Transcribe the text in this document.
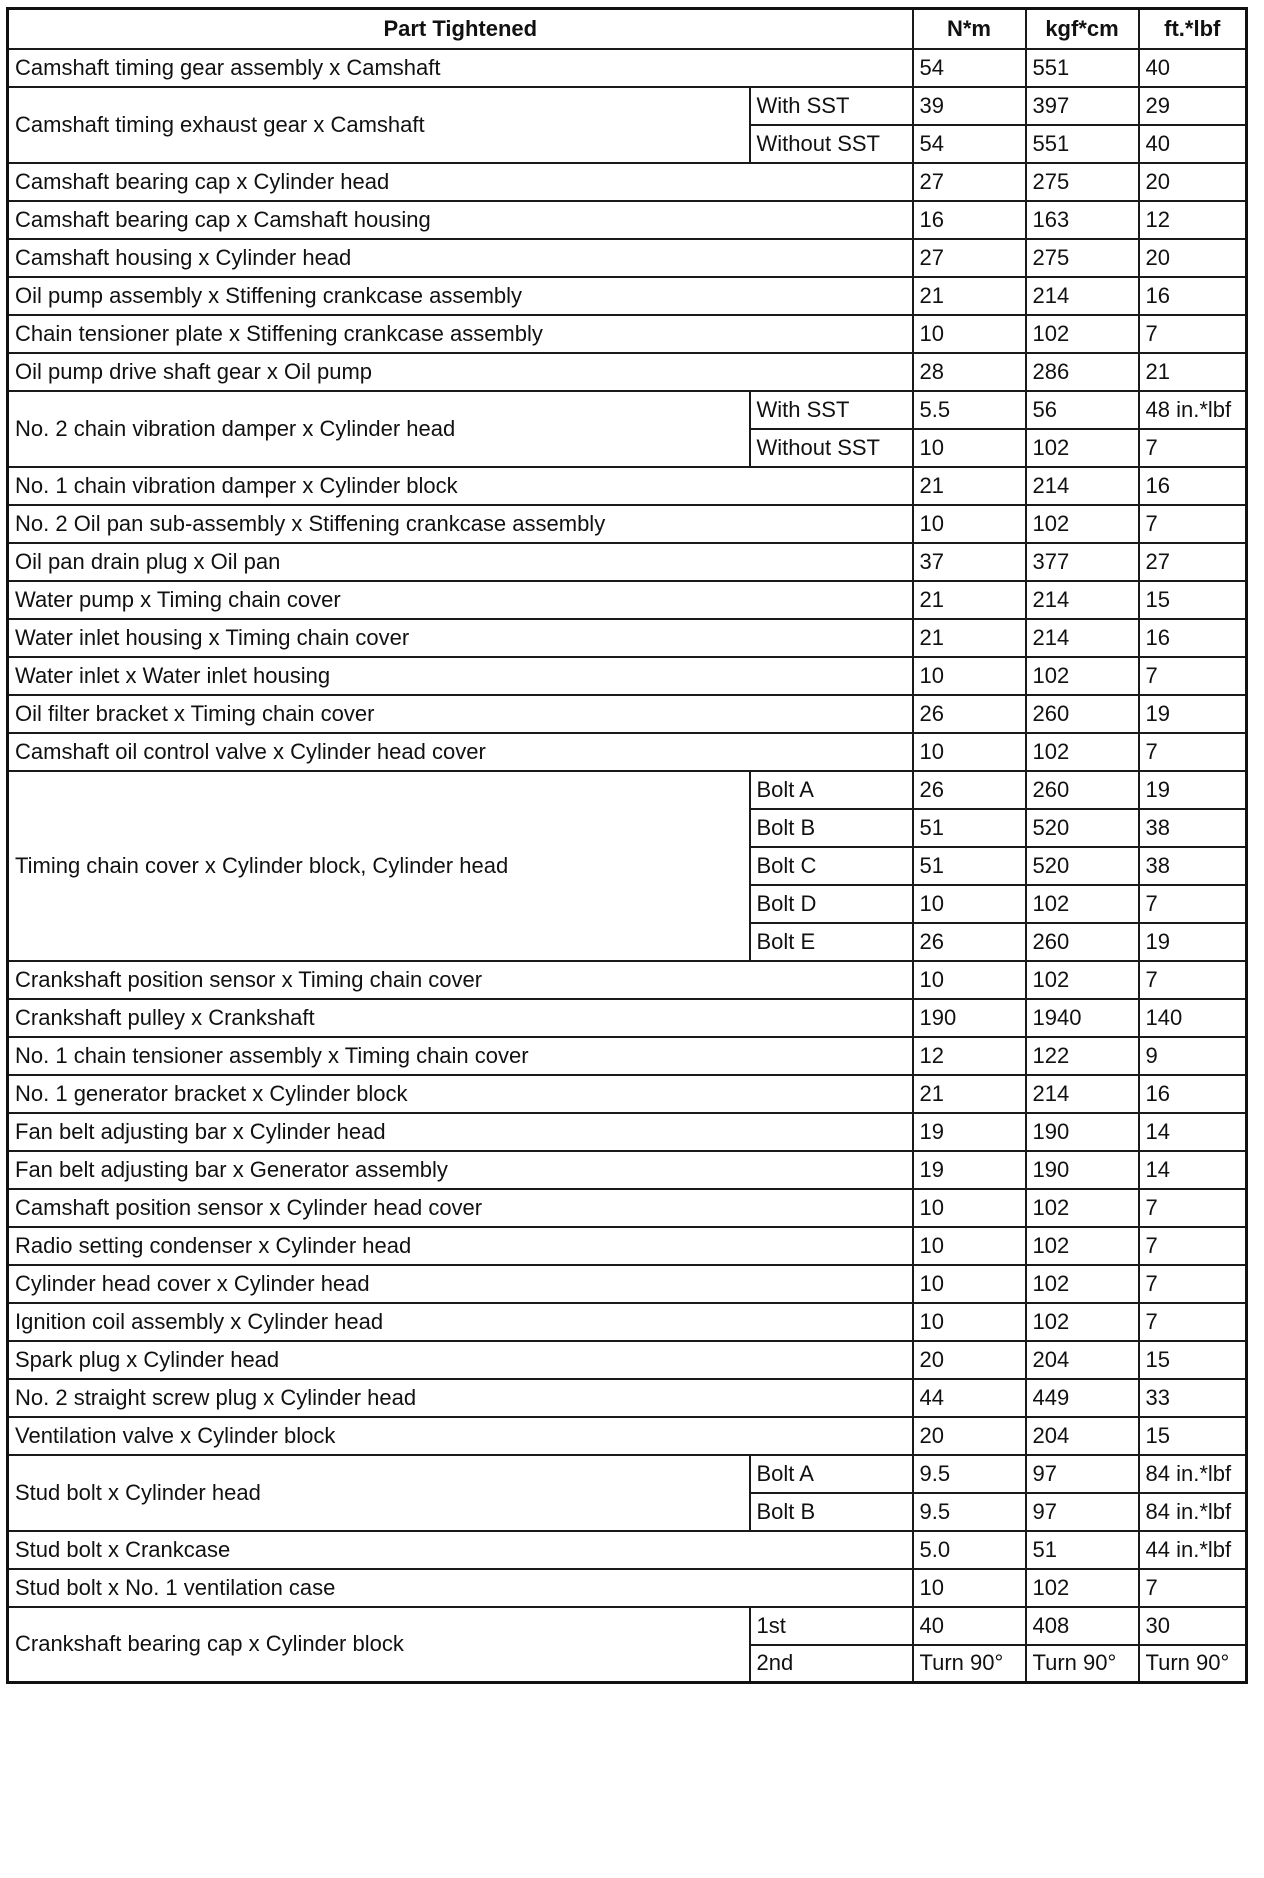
Part Tightened		N*m	kgf*cm	ft.*lbf
Camshaft timing gear assembly x Camshaft		54	551	40
Camshaft timing exhaust gear x Camshaft	With SST	39	397	29
	Without SST	54	551	40
Camshaft bearing cap x Cylinder head		27	275	20
Camshaft bearing cap x Camshaft housing		16	163	12
Camshaft housing x Cylinder head		27	275	20
Oil pump assembly x Stiffening crankcase assembly		21	214	16
Chain tensioner plate x Stiffening crankcase assembly		10	102	7
Oil pump drive shaft gear x Oil pump		28	286	21
No. 2 chain vibration damper x Cylinder head	With SST	5.5	56	48 in.*lbf
	Without SST	10	102	7
No. 1 chain vibration damper x Cylinder block		21	214	16
No. 2 Oil pan sub-assembly x Stiffening crankcase assembly		10	102	7
Oil pan drain plug x Oil pan		37	377	27
Water pump x Timing chain cover		21	214	15
Water inlet housing x Timing chain cover		21	214	16
Water inlet x Water inlet housing		10	102	7
Oil filter bracket x Timing chain cover		26	260	19
Camshaft oil control valve x Cylinder head cover		10	102	7
Timing chain cover x Cylinder block, Cylinder head	Bolt A	26	260	19
	Bolt B	51	520	38
	Bolt C	51	520	38
	Bolt D	10	102	7
	Bolt E	26	260	19
Crankshaft position sensor x Timing chain cover		10	102	7
Crankshaft pulley x Crankshaft		190	1940	140
No. 1 chain tensioner assembly x Timing chain cover		12	122	9
No. 1 generator bracket x Cylinder block		21	214	16
Fan belt adjusting bar x Cylinder head		19	190	14
Fan belt adjusting bar x Generator assembly		19	190	14
Camshaft position sensor x Cylinder head cover		10	102	7
Radio setting condenser x Cylinder head		10	102	7
Cylinder head cover x Cylinder head		10	102	7
Ignition coil assembly x Cylinder head		10	102	7
Spark plug x Cylinder head		20	204	15
No. 2 straight screw plug x Cylinder head		44	449	33
Ventilation valve x Cylinder block		20	204	15
Stud bolt x Cylinder head	Bolt A	9.5	97	84 in.*lbf
	Bolt B	9.5	97	84 in.*lbf
Stud bolt x Crankcase		5.0	51	44 in.*lbf
Stud bolt x No. 1 ventilation case		10	102	7
Crankshaft bearing cap x Cylinder block	1st	40	408	30
	2nd	Turn 90°	Turn 90°	Turn 90°
